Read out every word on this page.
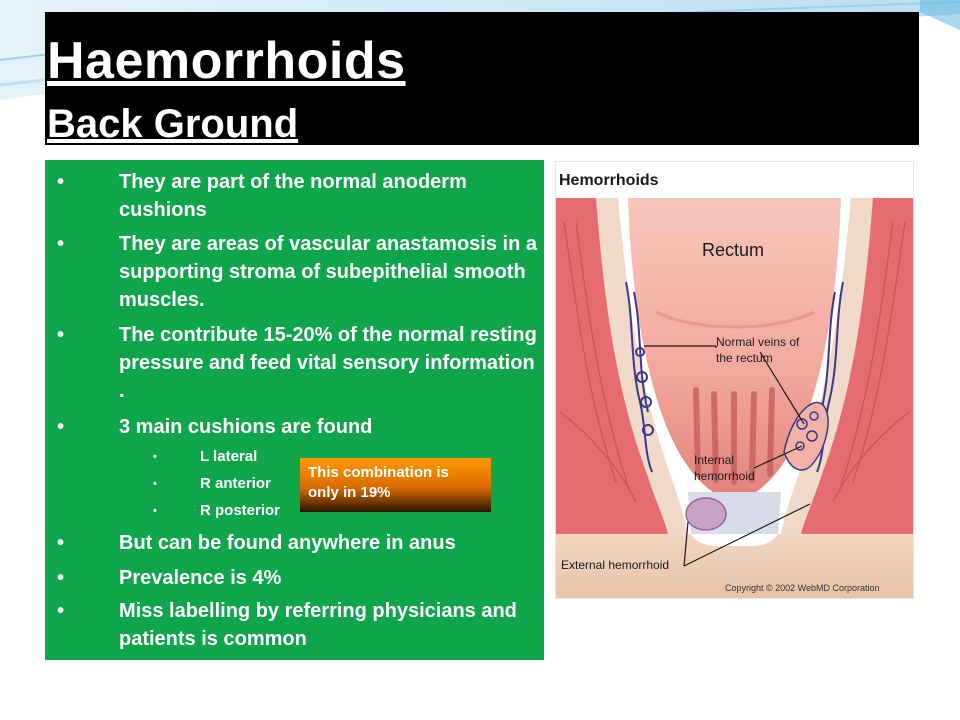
Haemorrhoids
Back Ground
•	They are part of the normal anoderm cushions
•	They are areas of vascular anastamosis in a supporting stroma of subepithelial smooth muscles.
•	The contribute 15-20% of the normal resting pressure and feed vital sensory information .
•	3 main cushions are found
•	L lateral
•	R anterior
•	R posterior
•	But can be found anywhere in anus
•	Prevalence is 4%
•	Miss labelling by referring physicians and patients is common
This combination is only in 19%
Hemorrhoids
Rectum
Normal veins of the rectum
Internal hemorrhoid
External hemorrhoid
Copyright © 2002 WebMD Corporation
